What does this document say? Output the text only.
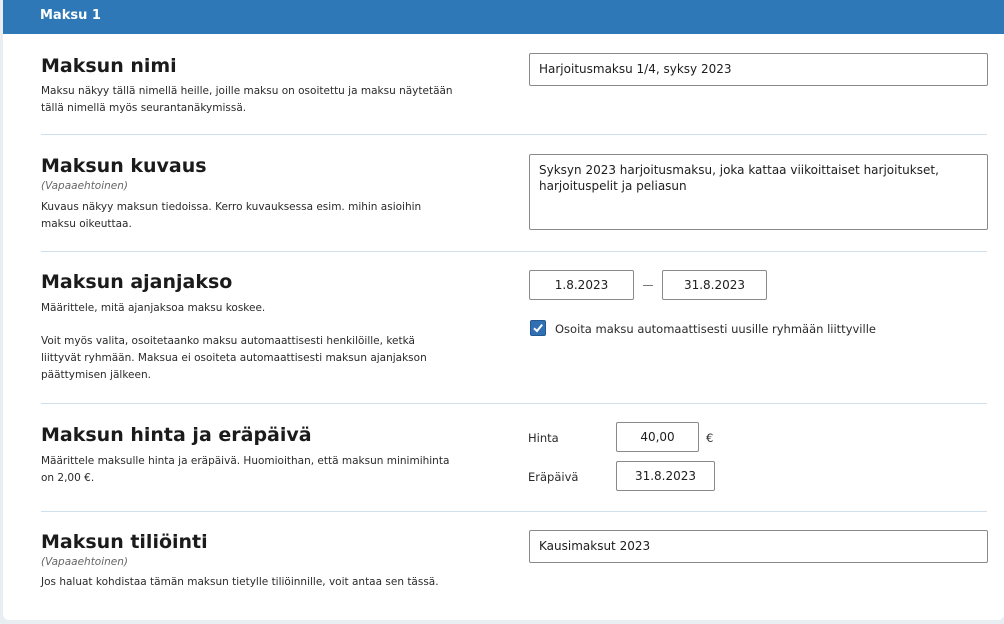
Maksu 1
Maksun nimi
Maksu näkyy tällä nimellä heille, joille maksu on osoitettu ja maksu näytetään
tällä nimellä myös seurantanäkymissä.
Harjoitusmaksu 1/4, syksy 2023
Maksun kuvaus
(Vapaaehtoinen)
Kuvaus näkyy maksun tiedoissa. Kerro kuvauksessa esim. mihin asioihin
maksu oikeuttaa.
Syksyn 2023 harjoitusmaksu, joka kattaa viikoittaiset harjoitukset, harjoituspelit ja peliasun
Maksun ajanjakso
Määrittele, mitä ajanjaksoa maksu koskee.
Voit myös valita, osoitetaanko maksu automaattisesti henkilöille, ketkä
liittyvät ryhmään. Maksua ei osoiteta automaattisesti maksun ajanjakson
päättymisen jälkeen.
1.8.2023	31.8.2023
Osoita maksu automaattisesti uusille ryhmään liittyville
Maksun hinta ja eräpäivä
Määrittele maksulle hinta ja eräpäivä. Huomioithan, että maksun minimihinta
on 2,00 €.
Hinta	40,00	€
Eräpäivä	31.8.2023
Maksun tiliöinti
(Vapaaehtoinen)
Jos haluat kohdistaa tämän maksun tietylle tiliöinnille, voit antaa sen tässä.
Kausimaksut 2023
